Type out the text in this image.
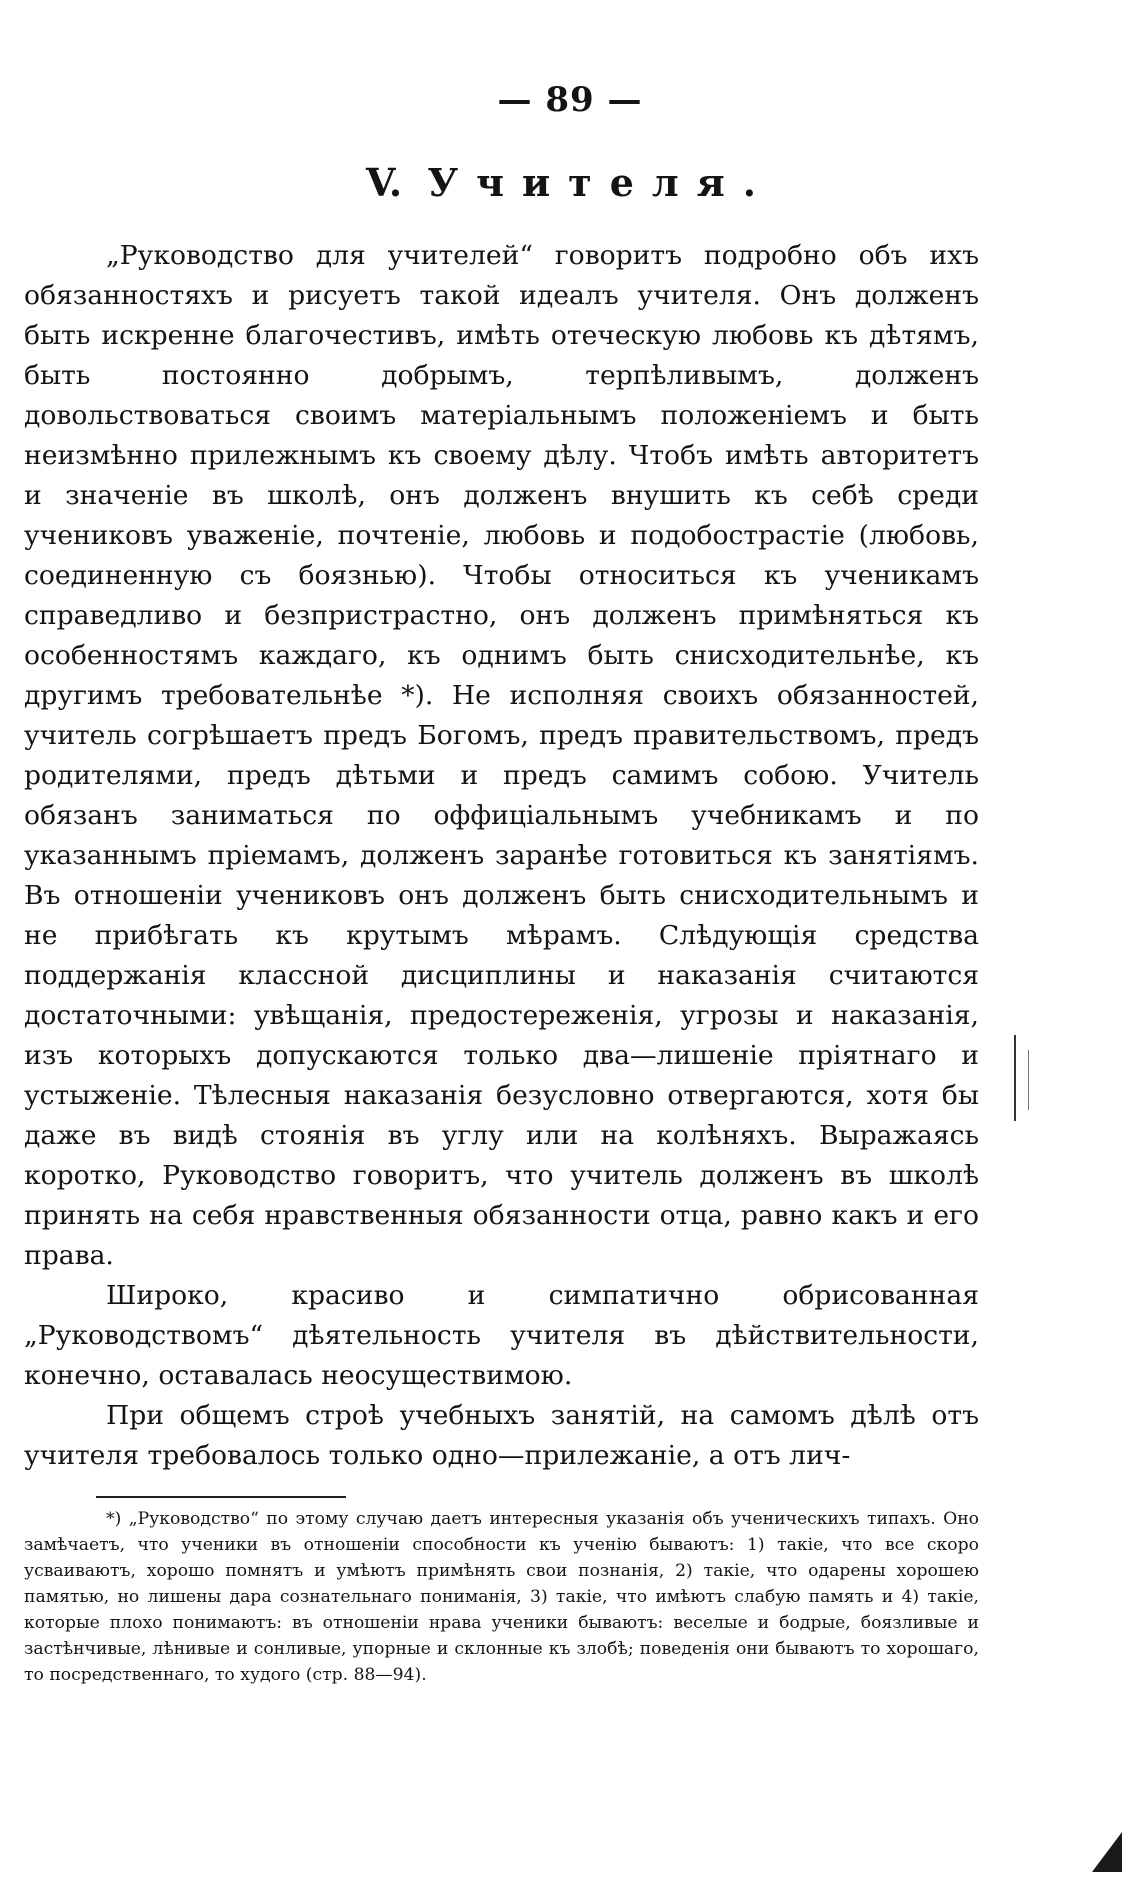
— 89 —
V. Учителя.

„Руководство для учителей“ говоритъ подробно объ ихъ обязанностяхъ и рисуетъ такой идеалъ учителя. Онъ долженъ быть искренне благочестивъ, имѣть отеческую любовь къ дѣтямъ, быть постоянно добрымъ, терпѣливымъ, долженъ довольствоваться своимъ матеріальнымъ положеніемъ и быть неизмѣнно прилежнымъ къ своему дѣлу. Чтобъ имѣть авторитетъ и значеніе въ школѣ, онъ долженъ внушить къ себѣ среди учениковъ уваженіе, почтеніе, любовь и подобострастіе (любовь, соединенную съ боязнью). Чтобы относиться къ ученикамъ справедливо и безпристрастно, онъ долженъ примѣняться къ особенностямъ каждаго, къ однимъ быть снисходительнѣе, къ другимъ требовательнѣе *). Не исполняя своихъ обязанностей, учитель согрѣшаетъ предъ Богомъ, предъ правительствомъ, предъ родителями, предъ дѣтьми и предъ самимъ собою. Учитель обязанъ заниматься по оффиціальнымъ учебникамъ и по указаннымъ пріемамъ, долженъ заранѣе готовиться къ занятіямъ. Въ отношеніи учениковъ онъ долженъ быть снисходительнымъ и не прибѣгать къ крутымъ мѣрамъ. Слѣдующія средства поддержанія классной дисциплины и наказанія считаются достаточными: увѣщанія, предостереженія, угрозы и наказанія, изъ которыхъ допускаются только два—лишеніе пріятнаго и устыженіе. Тѣлесныя наказанія безусловно отвергаются, хотя бы даже въ видѣ стоянія въ углу или на колѣняхъ. Выражаясь коротко, Руководство говоритъ, что учитель долженъ въ школѣ принять на себя нравственныя обязанности отца, равно какъ и его права.

Широко, красиво и симпатично обрисованная „Руководствомъ“ дѣятельность учителя въ дѣйствительности, конечно, оставалась неосуществимою.

При общемъ строѣ учебныхъ занятій, на самомъ дѣлѣ отъ учителя требовалось только одно—прилежаніе, а отъ лич-

*) „Руководство“ по этому случаю даетъ интересныя указанія объ ученическихъ типахъ. Оно замѣчаетъ, что ученики въ отношеніи способности къ ученію бываютъ: 1) такіе, что все скоро усваиваютъ, хорошо помнятъ и умѣютъ примѣнять свои познанія, 2) такіе, что одарены хорошею памятью, но лишены дара сознательнаго пониманія, 3) такіе, что имѣютъ слабую память и 4) такіе, которые плохо понимаютъ: въ отношеніи нрава ученики бываютъ: веселые и бодрые, боязливые и застѣнчивые, лѣнивые и сонливые, упорные и склонные къ злобѣ; поведенія они бываютъ то хорошаго, то посредственнаго, то худого (стр. 88—94).
